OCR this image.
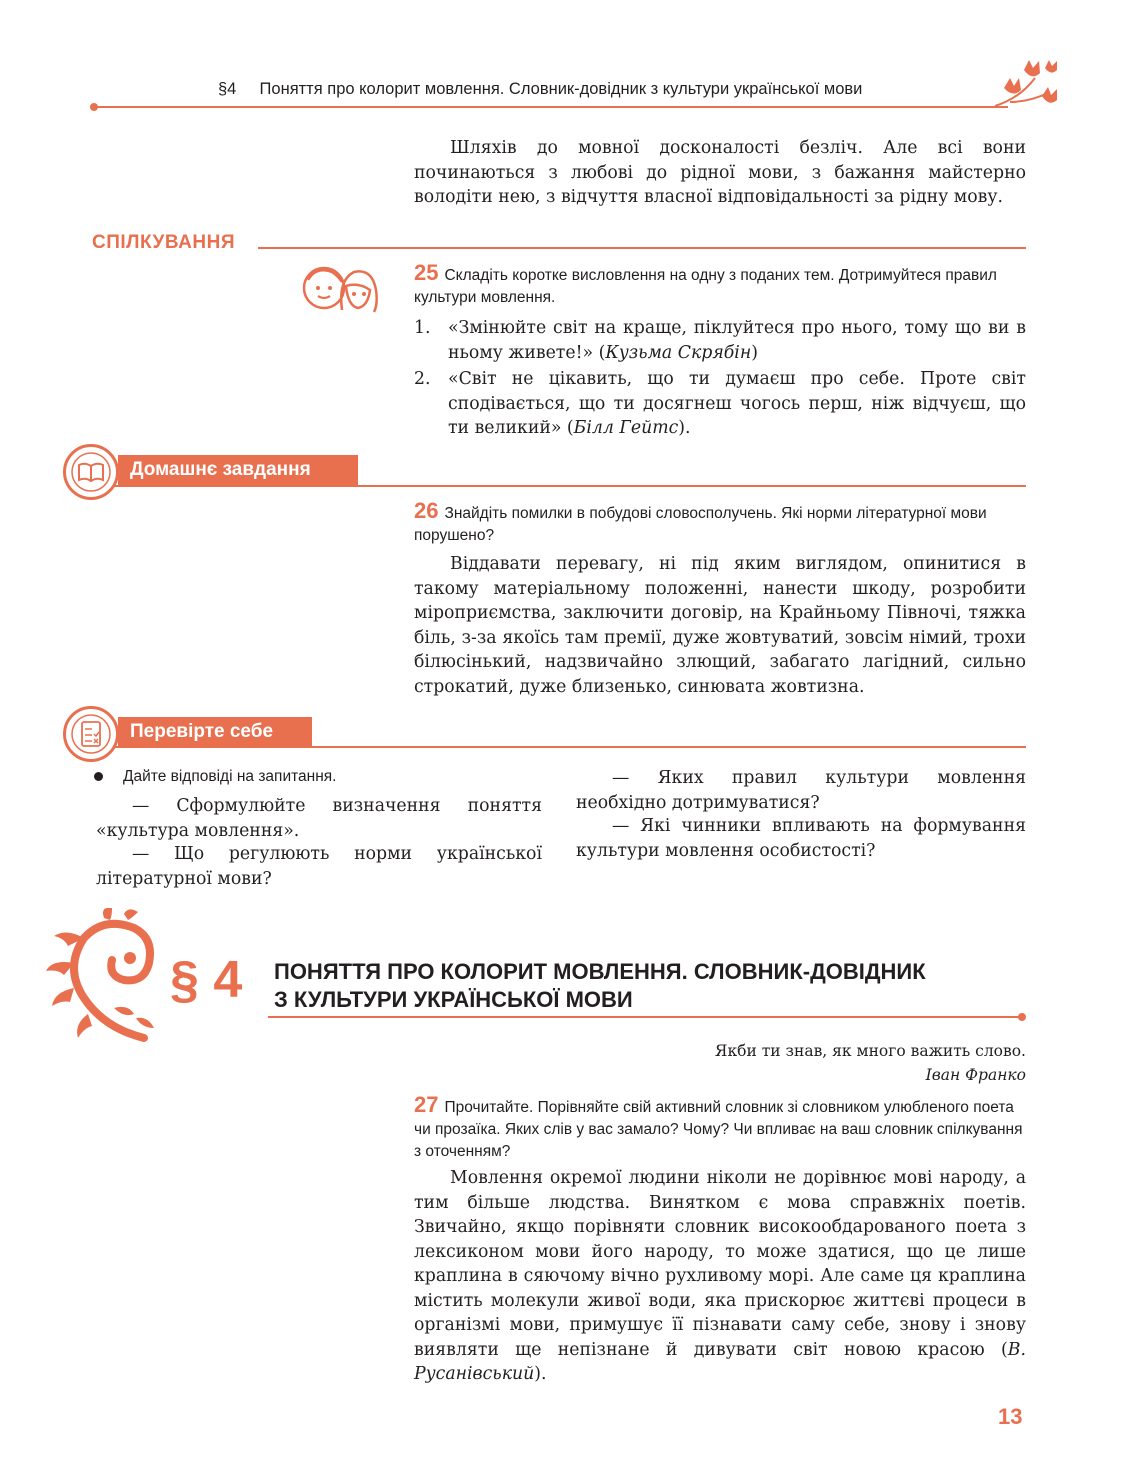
§4 Поняття про колорит мовлення. Словник-довідник з культури української мови
Шляхів до мовної досконалості безліч. Але всі вони починаються з любові до рідної мови, з бажання майстерно володіти нею, з відчуття власної відповідальності за рідну мову.
СПІЛКУВАННЯ
25 Складіть коротке висловлення на одну з поданих тем. Дотримуйтеся правил культури мовлення.
1.	«Змінюйте світ на краще, піклуйтеся про нього, тому що ви в ньому живете!» (Кузьма Скрябін)
2.	«Світ не цікавить, що ти думаєш про себе. Проте світ сподівається, що ти досягнеш чогось перш, ніж відчуєш, що ти великий» (Білл Гейтс).
Домашнє завдання
26 Знайдіть помилки в побудові словосполучень. Які норми літературної мови порушено?
Віддавати перевагу, ні під яким виглядом, опинитися в такому матеріальному положенні, нанести шкоду, розробити міроприємства, заключити договір, на Крайньому Півночі, тяжка біль, з-за якоїсь там премії, дуже жовтуватий, зовсім німий, трохи білюсінький, надзвичайно злющий, забагато лагідний, сильно строкатий, дуже близенько, синювата жовтизна.
Перевірте себе
Дайте відповіді на запитання.
— Сформулюйте визначення поняття «культура мовлення».
— Що регулюють норми української літературної мови?
— Яких правил культури мовлення необхідно дотримуватися?
— Які чинники впливають на формування культури мовлення особистості?
§ 4 ПОНЯТТЯ ПРО КОЛОРИТ МОВЛЕННЯ. СЛОВНИК-ДОВІДНИК
З КУЛЬТУРИ УКРАЇНСЬКОЇ МОВИ
Якби ти знав, як много важить слово.
Іван Франко
27 Прочитайте. Порівняйте свій активний словник зі словником улюбленого поета чи прозаїка. Яких слів у вас замало? Чому? Чи впливає на ваш словник спілкування з оточенням?
Мовлення окремої людини ніколи не дорівнює мові народу, а тим більше людства. Винятком є мова справжніх поетів. Звичайно, якщо порівняти словник високообдарованого поета з лексиконом мови його народу, то може здатися, що це лише краплина в сяючому вічно рухливому морі. Але саме ця краплина містить молекули живої води, яка прискорює життєві процеси в організмі мови, примушує її пізнавати саму себе, знову і знову виявляти ще непізнане й дивувати світ новою красою (В. Русанівський).
13
